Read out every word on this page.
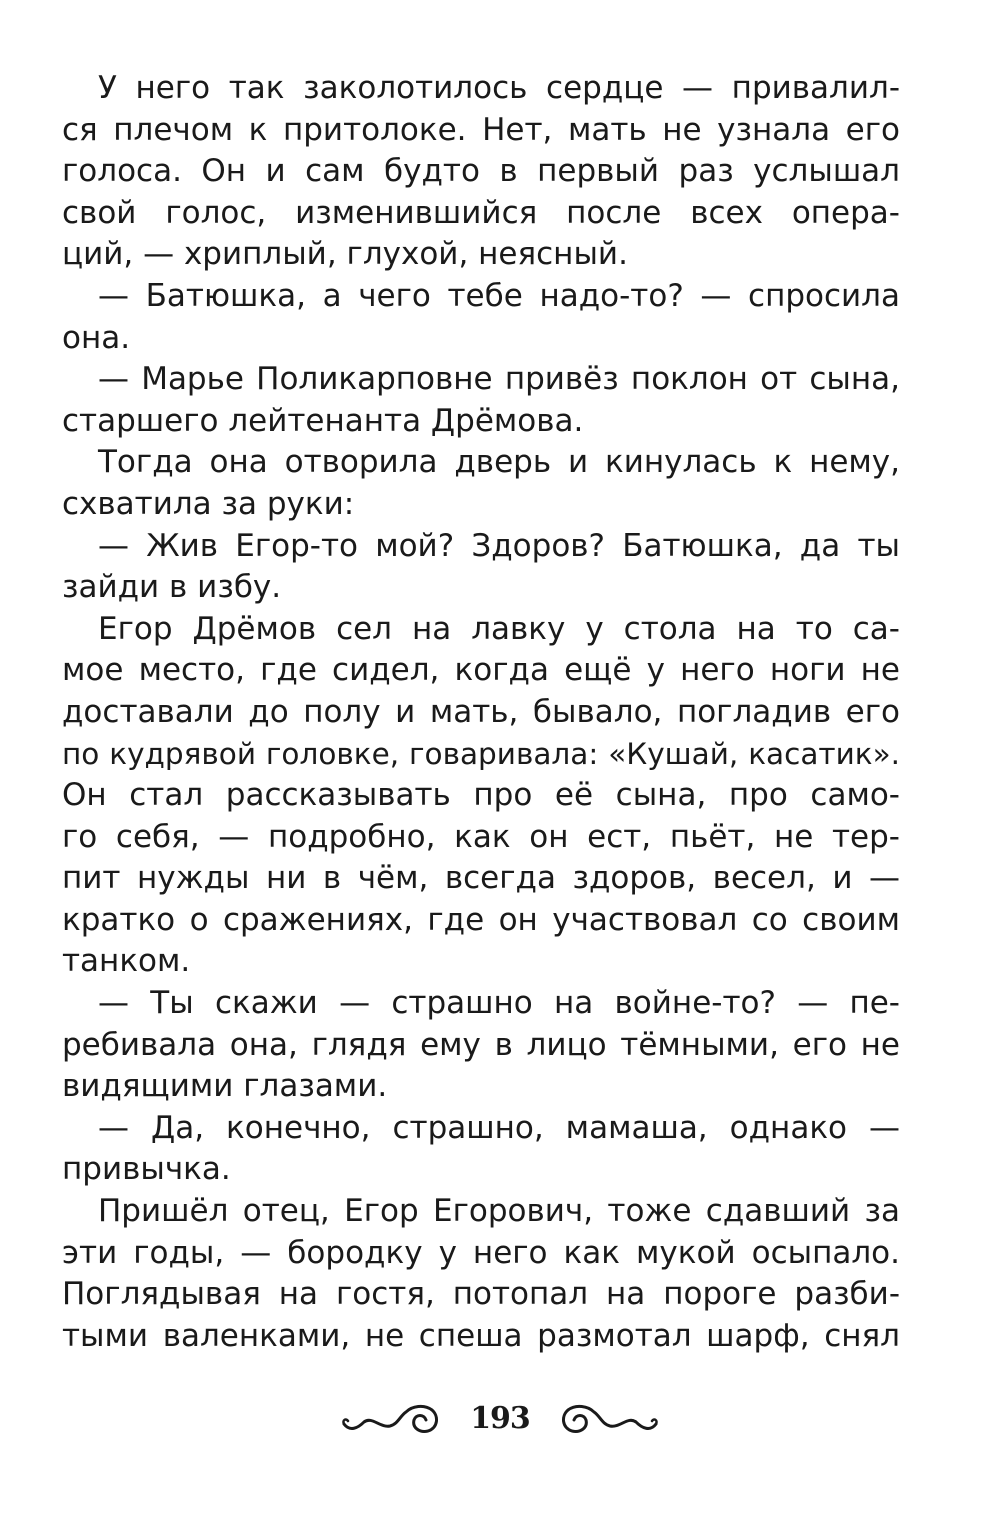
У него так заколотилось сердце — привалил-
ся плечом к притолоке. Нет, мать не узнала его
голоса. Он и сам будто в первый раз услышал
свой голос, изменившийся после всех опера-
ций, — хриплый, глухой, неясный.
— Батюшка, а чего тебе надо-то? — спросила
она.
— Марье Поликарповне привёз поклон от сына,
старшего лейтенанта Дрёмова.
Тогда она отворила дверь и кинулась к нему,
схватила за руки:
— Жив Егор-то мой? Здоров? Батюшка, да ты
зайди в избу.
Егор Дрёмов сел на лавку у стола на то са-
мое место, где сидел, когда ещё у него ноги не
доставали до полу и мать, бывало, погладив его
по кудрявой головке, говаривала: «Кушай, касатик».
Он стал рассказывать про её сына, про само-
го себя, — подробно, как он ест, пьёт, не тер-
пит нужды ни в чём, всегда здоров, весел, и —
кратко о сражениях, где он участвовал со своим
танком.
— Ты скажи — страшно на войне-то? — пе-
ребивала она, глядя ему в лицо тёмными, его не
видящими глазами.
— Да, конечно, страшно, мамаша, однако —
привычка.
Пришёл отец, Егор Егорович, тоже сдавший за
эти годы, — бородку у него как мукой осыпало.
Поглядывая на гостя, потопал на пороге разби-
тыми валенками, не спеша размотал шарф, снял
193
